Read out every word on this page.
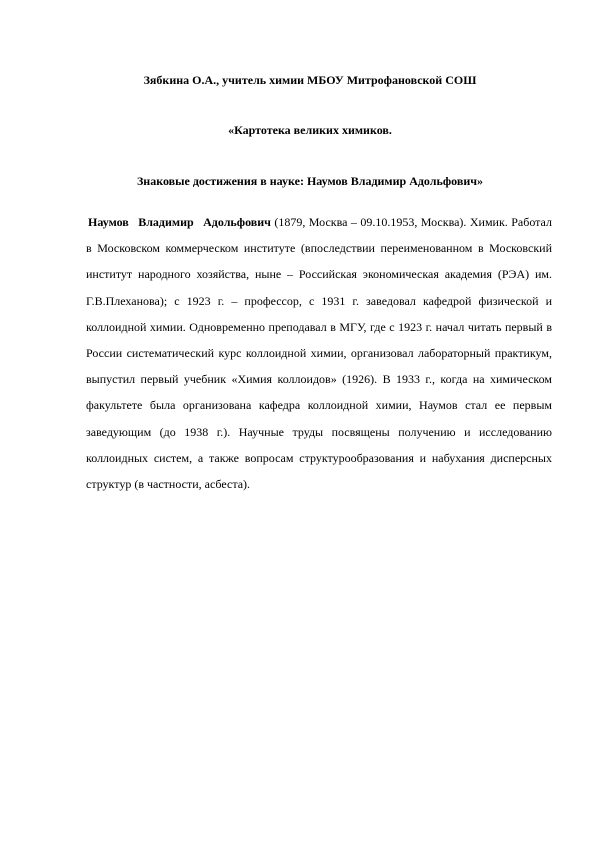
Зябкина О.А., учитель химии МБОУ Митрофановской СОШ
«Картотека великих химиков.
Знаковые достижения в науке: Наумов Владимир Адольфович»

Наумов Владимир Адольфович (1879, Москва – 09.10.1953, Москва). Химик. Работал в Московском коммерческом институте (впоследствии переименованном в Московский институт народного хозяйства, ныне – Российская экономическая академия (РЭА) им. Г.В.Плеханова); с 1923 г. – профессор, с 1931 г. заведовал кафедрой физической и коллоидной химии. Одновременно преподавал в МГУ, где с 1923 г. начал читать первый в России систематический курс коллоидной химии, организовал лабораторный практикум, выпустил первый учебник «Химия коллоидов» (1926). В 1933 г., когда на химическом факультете была организована кафедра коллоидной химии, Наумов стал ее первым заведующим (до 1938 г.). Научные труды посвящены получению и исследованию коллоидных систем, а также вопросам структурообразования и набухания дисперсных структур (в частности, асбеста).
